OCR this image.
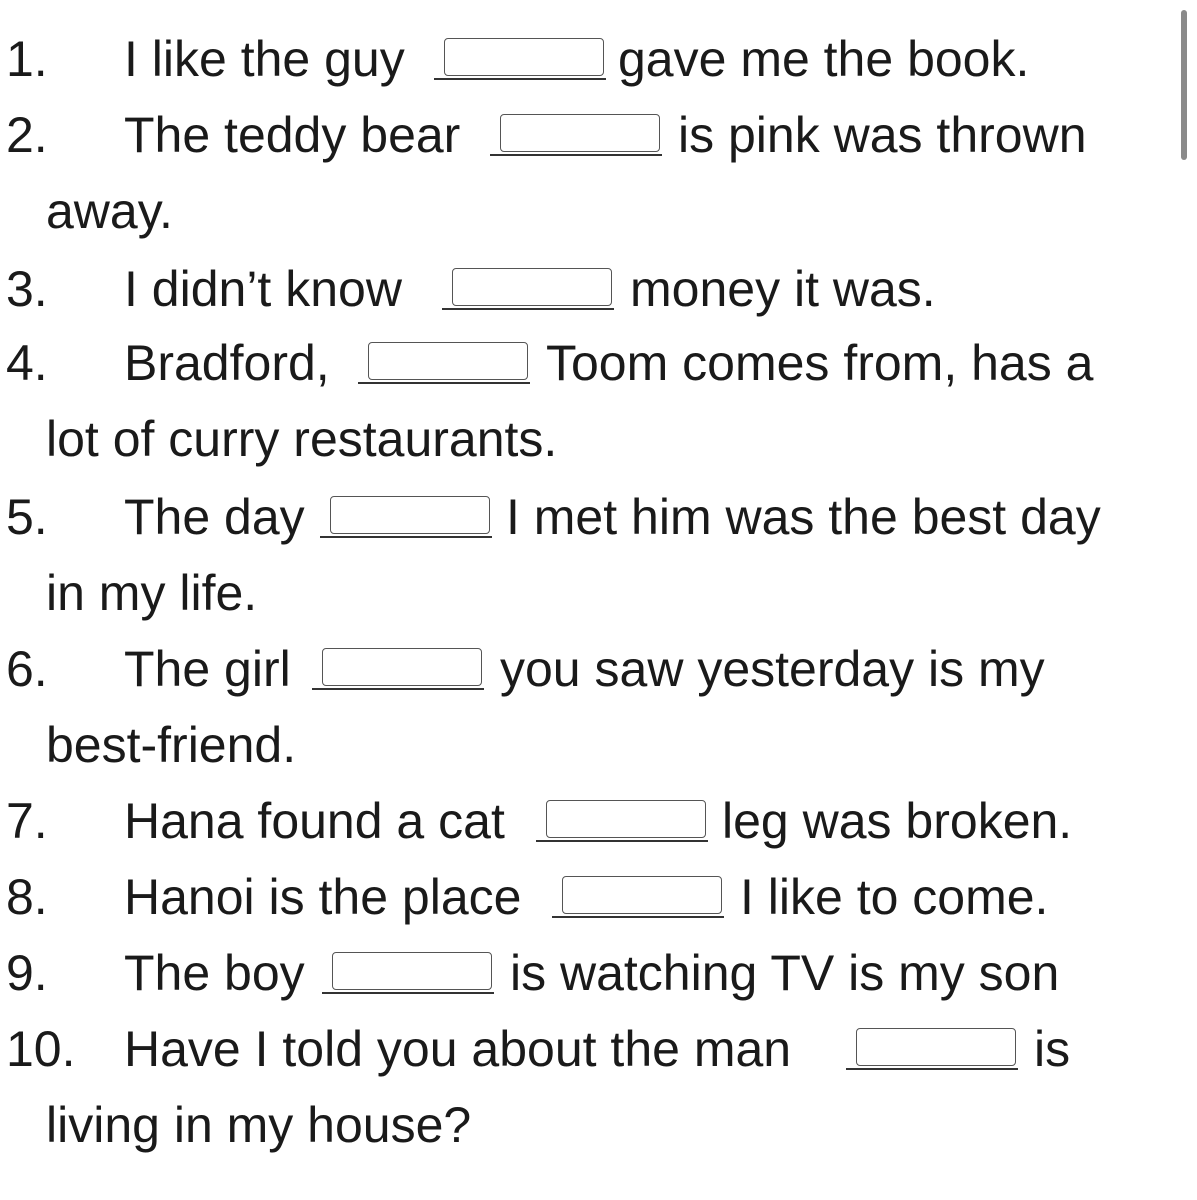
1. I like the guy	gave me the book.
2. The teddy bear	is pink was thrown
away.
3. I didn’t know	money it was.
4. Bradford,	Toom comes from, has a
lot of curry restaurants.
5. The day	I met him was the best day
in my life.
6. The girl	you saw yesterday is my
best-friend.
7. Hana found a cat	leg was broken.
8. Hanoi is the place	I like to come.
9. The boy	is watching TV is my son
10. Have I told you about the man	is
living in my house?
